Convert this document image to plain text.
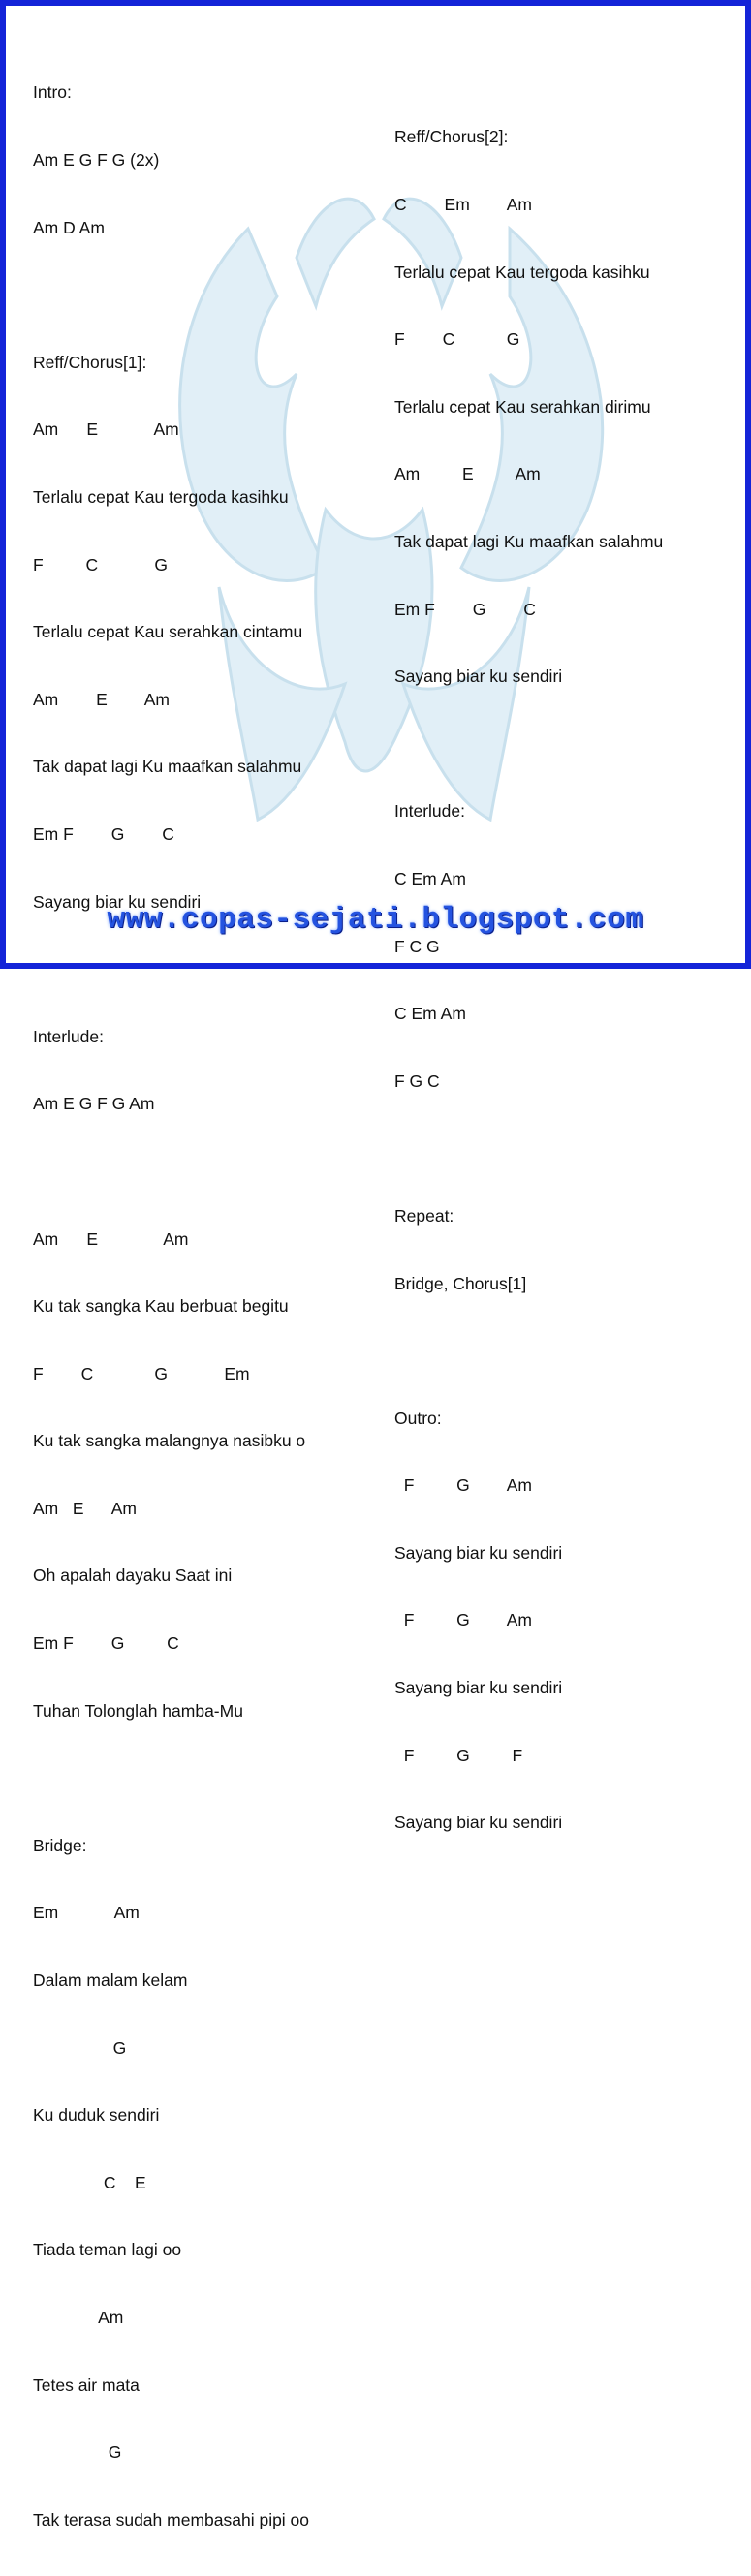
Intro:

Am E G F G (2x)

Am D Am

Reff/Chorus[1]:

Am      E            Am

Terlalu cepat Kau tergoda kasihku

F         C            G

Terlalu cepat Kau serahkan cintamu

Am        E        Am

Tak dapat lagi Ku maafkan salahmu

Em F        G        C

Sayang biar ku sendiri

Interlude:

Am E G F G Am

Am      E              Am

Ku tak sangka Kau berbuat begitu

F        C             G            Em

Ku tak sangka malangnya nasibku o

Am   E      Am

Oh apalah dayaku Saat ini

Em F        G         C

Tuhan Tolonglah hamba-Mu

Bridge:

Em            Am

Dalam malam kelam

G

Ku duduk sendiri

C    E

Tiada teman lagi oo

Am

Tetes air mata

G

Tak terasa sudah membasahi pipi oo

Reff/Chorus[2]:

C        Em        Am

Terlalu cepat Kau tergoda kasihku

F        C           G

Terlalu cepat Kau serahkan dirimu

Am         E         Am

Tak dapat lagi Ku maafkan salahmu

Em F        G        C

Sayang biar ku sendiri

Interlude:

C Em Am

F C G

C Em Am

F G C

Repeat:

Bridge, Chorus[1]

Outro:

F         G        Am

Sayang biar ku sendiri

F         G        Am

Sayang biar ku sendiri

F         G         F

Sayang biar ku sendiri

www.copas-sejati.blogspot.com
